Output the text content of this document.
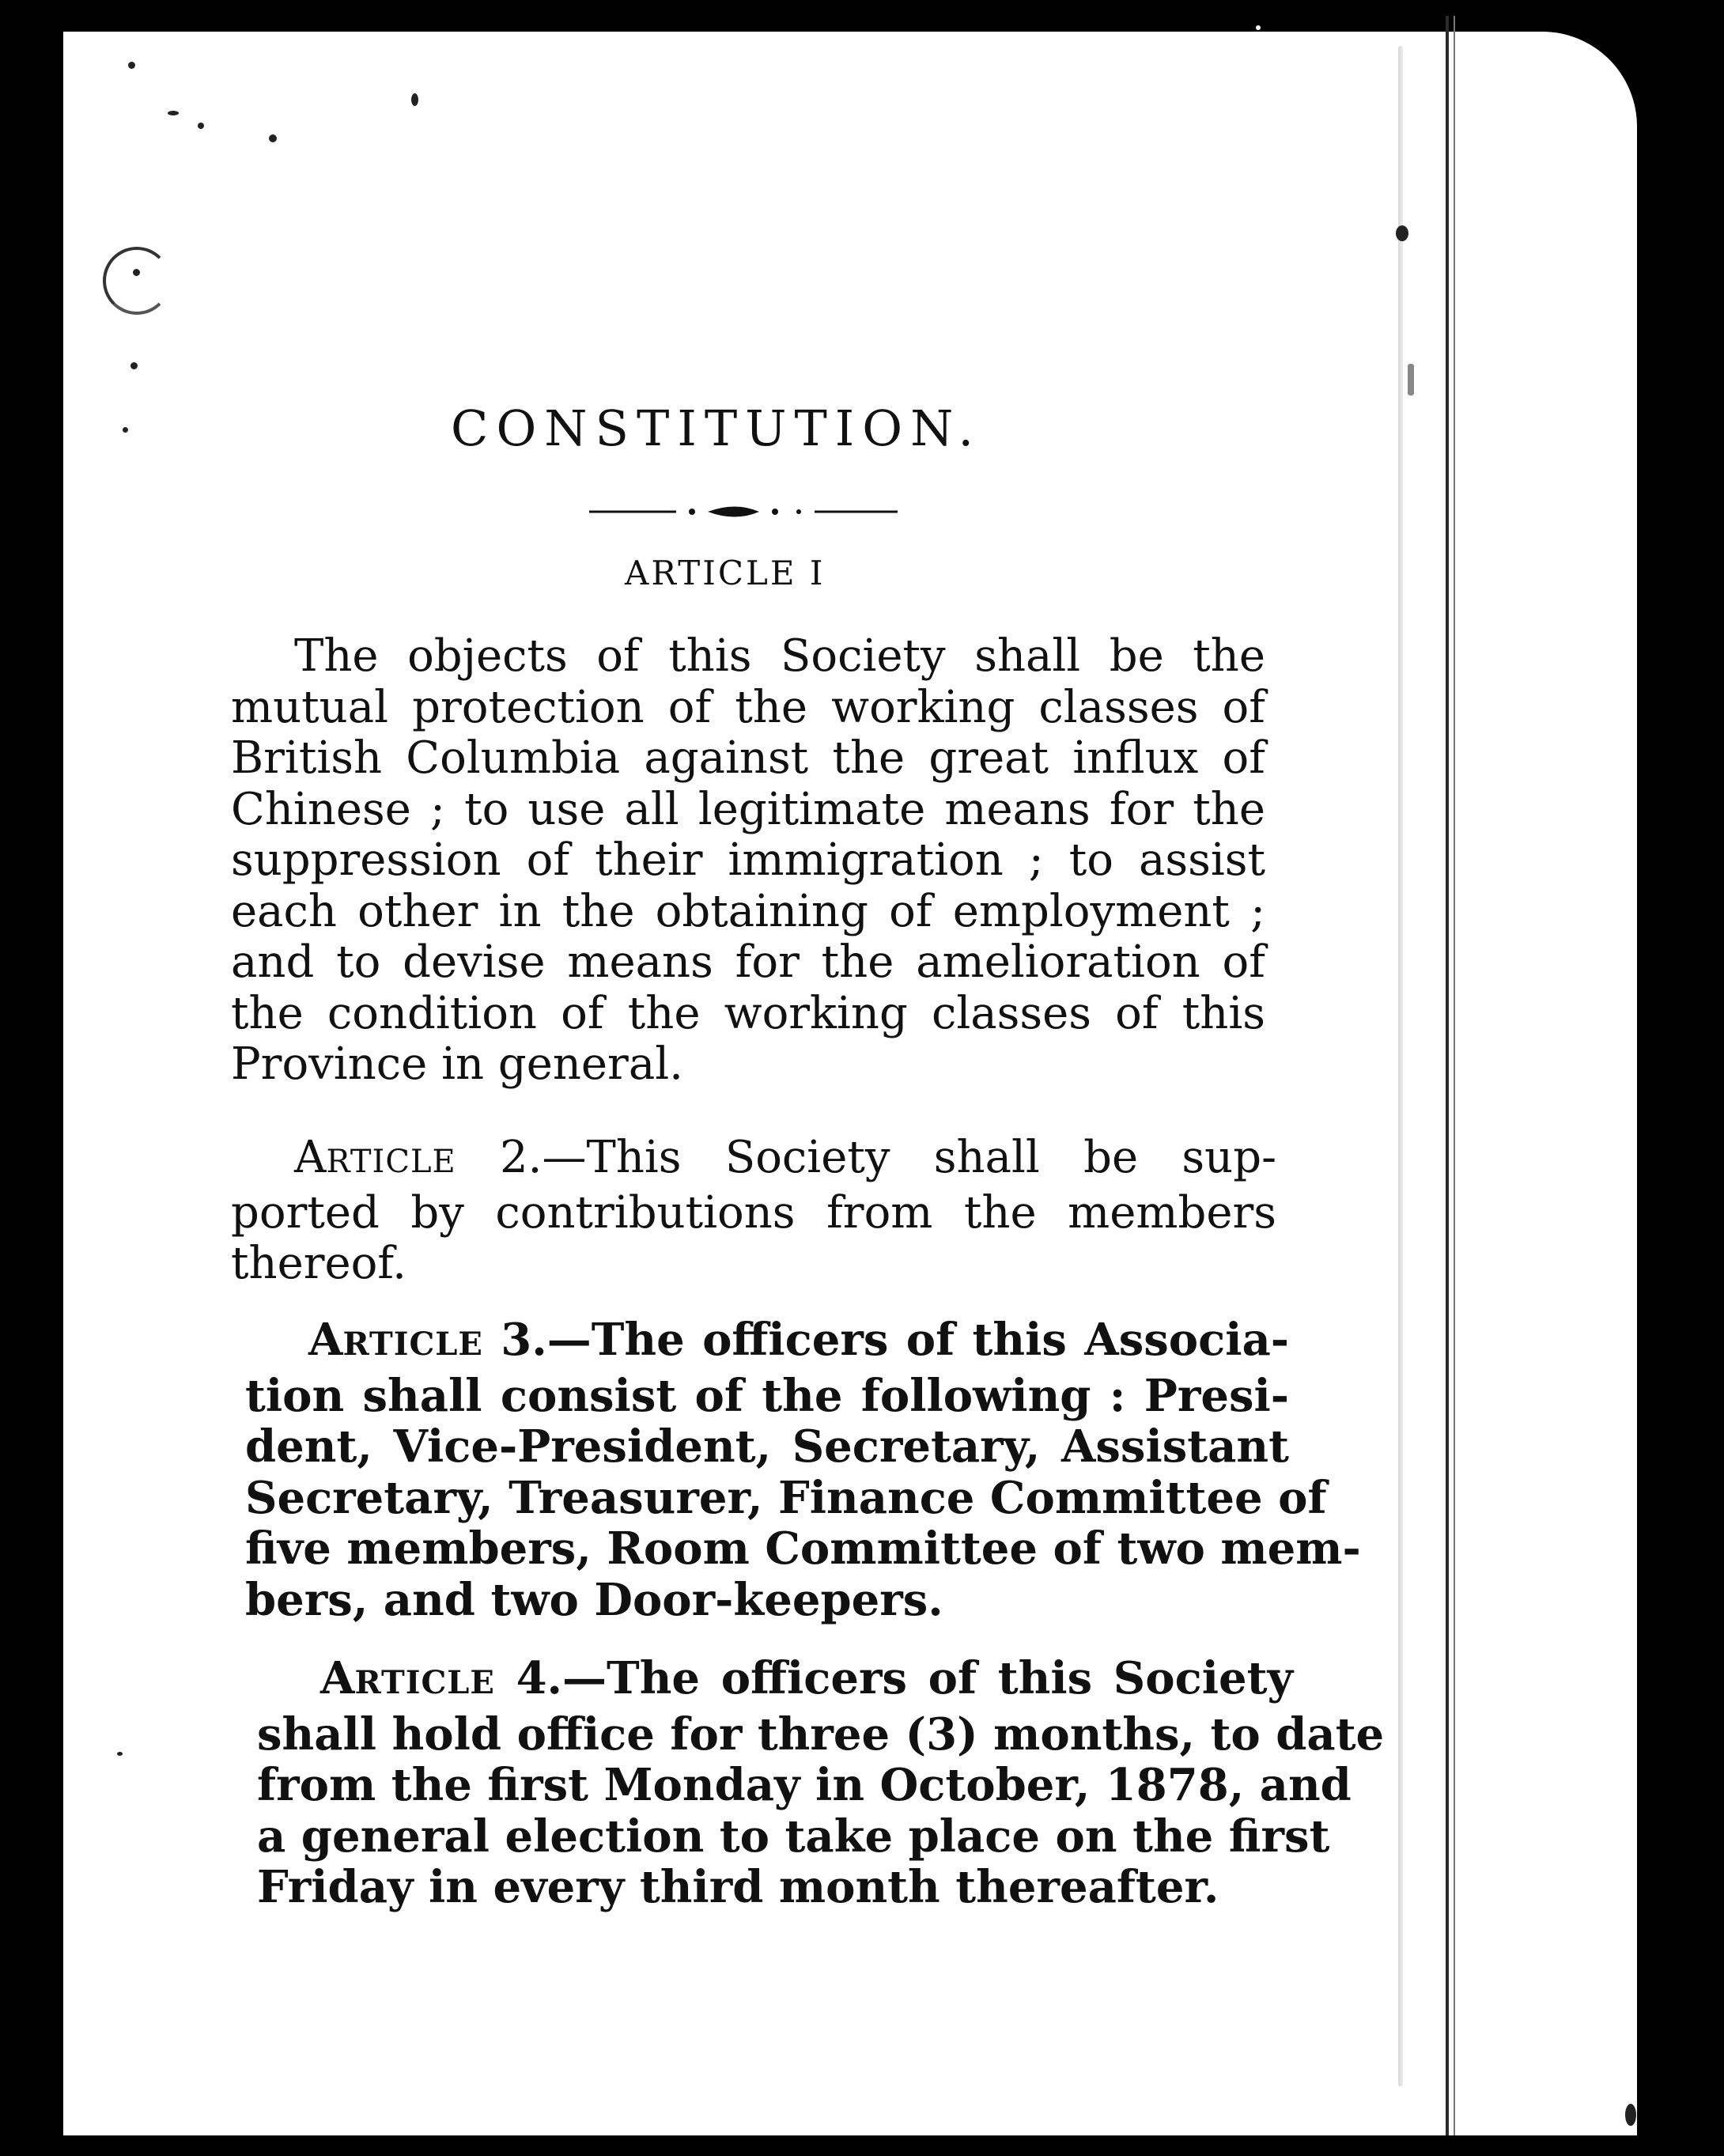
CONSTITUTION.
ARTICLE I
The objects of this Society shall be the
mutual protection of the working classes of
British Columbia against the great influx of
Chinese ; to use all legitimate means for the
suppression of their immigration ; to assist
each other in the obtaining of employment ;
and to devise means for the amelioration of
the condition of the working classes of this
Province in general.
ARTICLE 2.—This Society shall be sup-
ported by contributions from the members
thereof.
ARTICLE 3.—The officers of this Associa-
tion shall consist of the following : Presi-
dent, Vice-President, Secretary, Assistant
Secretary, Treasurer, Finance Committee of
five members, Room Committee of two mem-
bers, and two Door-keepers.
ARTICLE 4.—The officers of this Society
shall hold office for three (3) months, to date
from the first Monday in October, 1878, and
a general election to take place on the first
Friday in every third month thereafter.
